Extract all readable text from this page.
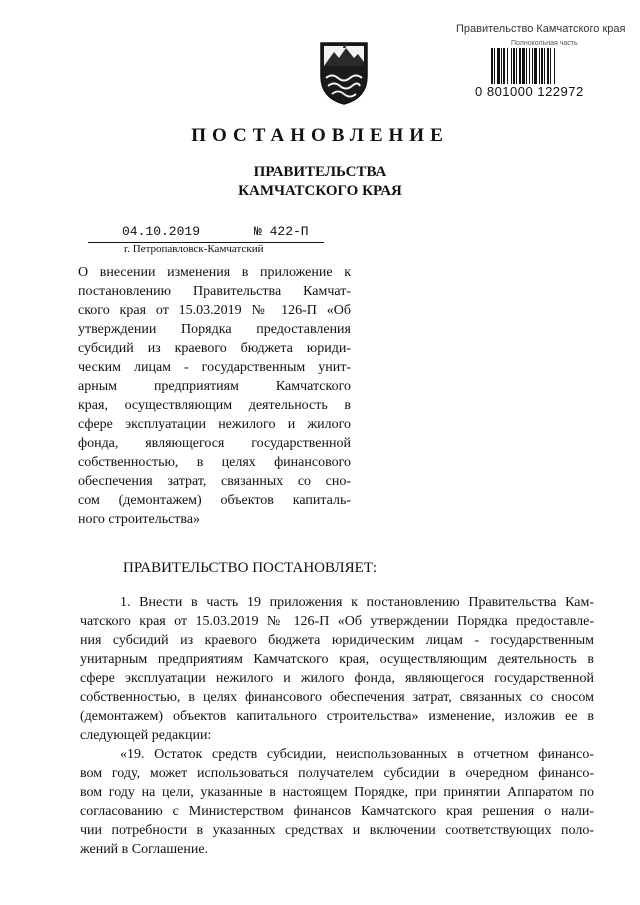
Правительство Камчатского края
Полнокольная часть
0 801000 122972
ПОСТАНОВЛЕНИЕ
ПРАВИТЕЛЬСТВА
КАМЧАТСКОГО КРАЯ
04.10.2019	№ 422-П
г. Петропавловск-Камчатский
О внесении изменения в приложение к
постановлению Правительства Камчат-
ского края от 15.03.2019 № 126-П «Об
утверждении Порядка предоставления
субсидий из краевого бюджета юриди-
ческим лицам - государственным унит-
арным предприятиям Камчатского
края, осуществляющим деятельность в
сфере эксплуатации нежилого и жилого
фонда, являющегося государственной
собственностью, в целях финансового
обеспечения затрат, связанных со сно-
сом (демонтажем) объектов капиталь-
ного строительства»
ПРАВИТЕЛЬСТВО ПОСТАНОВЛЯЕТ:
1. Внести в часть 19 приложения к постановлению Правительства Кам-
чатского края от 15.03.2019 № 126-П «Об утверждении Порядка предоставле-
ния субсидий из краевого бюджета юридическим лицам - государственным
унитарным предприятиям Камчатского края, осуществляющим деятельность в
сфере эксплуатации нежилого и жилого фонда, являющегося государственной
собственностью, в целях финансового обеспечения затрат, связанных со сносом
(демонтажем) объектов капитального строительства» изменение, изложив ее в
следующей редакции:
«19. Остаток средств субсидии, неиспользованных в отчетном финансо-
вом году, может использоваться получателем субсидии в очередном финансо-
вом году на цели, указанные в настоящем Порядке, при принятии Аппаратом по
согласованию с Министерством финансов Камчатского края решения о нали-
чии потребности в указанных средствах и включении соответствующих поло-
жений в Соглашение.
